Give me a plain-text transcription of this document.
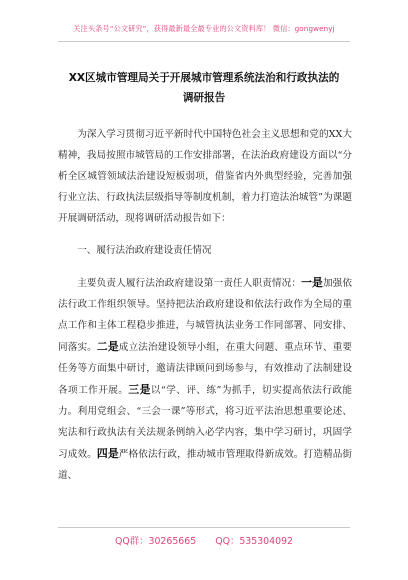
关注头条号“公文研究”，获得最新最全最专业的公文资料库！ 微信：gongwenyj
XX区城市管理局关于开展城市管理系统法治和行政执法的
调研报告

为深入学习贯彻习近平新时代中国特色社会主义思想和党的XX大精神，我局按照市城管局的工作安排部署，在法治政府建设方面以“分析全区城管领域法治建设短板弱项，借鉴省内外典型经验，完善加强行业立法、行政执法层级指导等制度机制，着力打造法治城管”为课题开展调研活动，现将调研活动报告如下：

一、履行法治政府建设责任情况

主要负责人履行法治政府建设第一责任人职责情况：一是加强依法行政工作组织领导。坚持把法治政府建设和依法行政作为全局的重点工作和主体工程稳步推进，与城管执法业务工作同部署、同安排、同落实。二是成立法治建设领导小组，在重大问题、重点环节、重要任务等方面集中研讨，邀请法律顾问到场参与，有效推动了法制建设各项工作开展。三是以“学、评、练”为抓手，切实提高依法行政能力。利用党组会、“三会一课”等形式，将习近平法治思想重要论述、宪法和行政执法有关法规条例纳入必学内容，集中学习研讨，巩固学习成效。四是严格依法行政，推动城市管理取得新成效。打造精品街道、

QQ群：30265665 QQ：535304092
